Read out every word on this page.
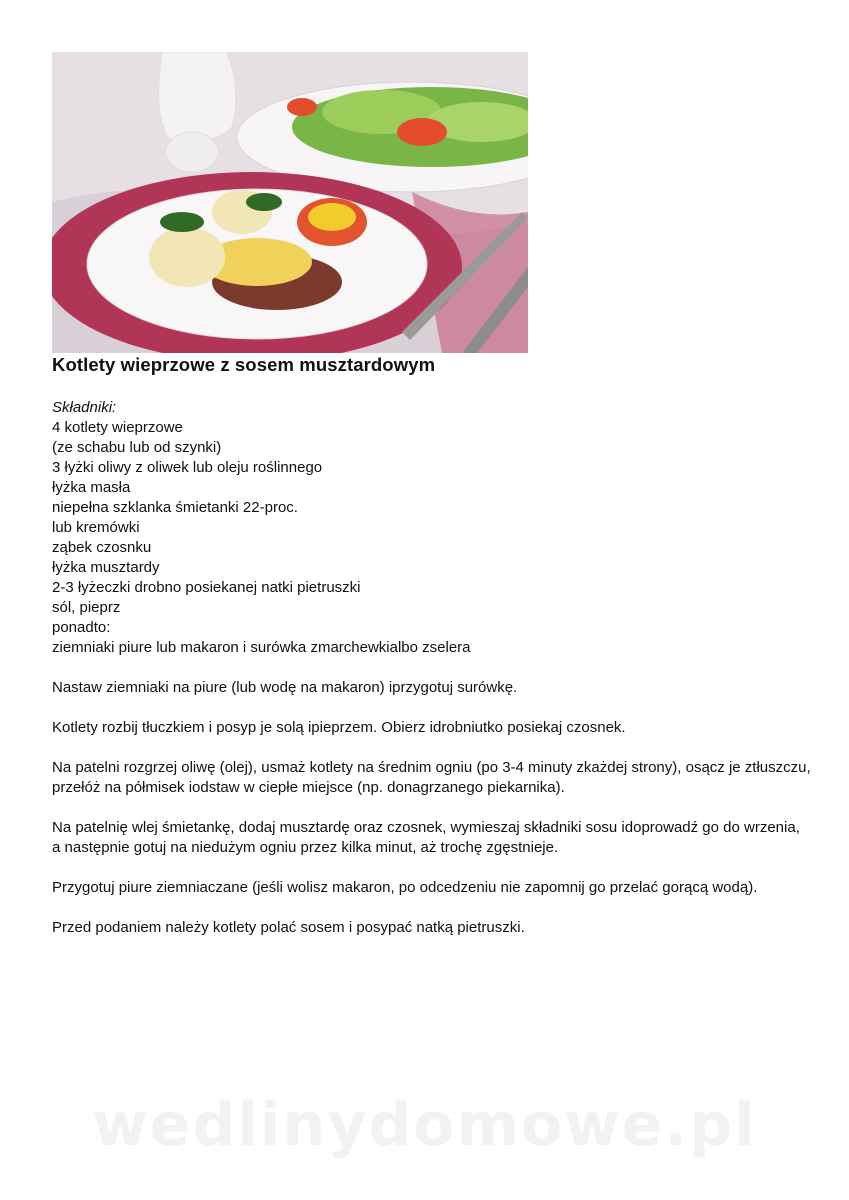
Kotlety wieprzowe z sosem musztardowym
Składniki:
4 kotlety wieprzowe
(ze schabu lub od szynki)
3 łyżki oliwy z oliwek lub oleju roślinnego
łyżka masła
niepełna szklanka śmietanki 22-proc.
lub kremówki
ząbek czosnku
łyżka musztardy
2-3 łyżeczki drobno posiekanej natki pietruszki
sól, pieprz
ponadto:
ziemniaki piure lub makaron i surówka zmarchewkialbo zselera

Nastaw ziemniaki na piure (lub wodę na makaron) iprzygotuj surówkę.

Kotlety rozbij tłuczkiem i posyp je solą ipieprzem. Obierz idrobniutko posiekaj czosnek.

Na patelni rozgrzej oliwę (olej), usmaż kotlety na średnim ogniu (po 3-4 minuty zkażdej strony), osącz je ztłuszczu, przełóż na półmisek iodstaw w ciepłe miejsce (np. donagrzanego piekarnika).

Na patelnię wlej śmietankę, dodaj musztardę oraz czosnek, wymieszaj składniki sosu idoprowadź go do wrzenia, a następnie gotuj na niedużym ogniu przez kilka minut, aż trochę zgęstnieje.

Przygotuj piure ziemniaczane (jeśli wolisz makaron, po odcedzeniu nie zapomnij go przelać gorącą wodą).

Przed podaniem należy kotlety polać sosem i posypać natką pietruszki.

wedlinydomowe.pl
